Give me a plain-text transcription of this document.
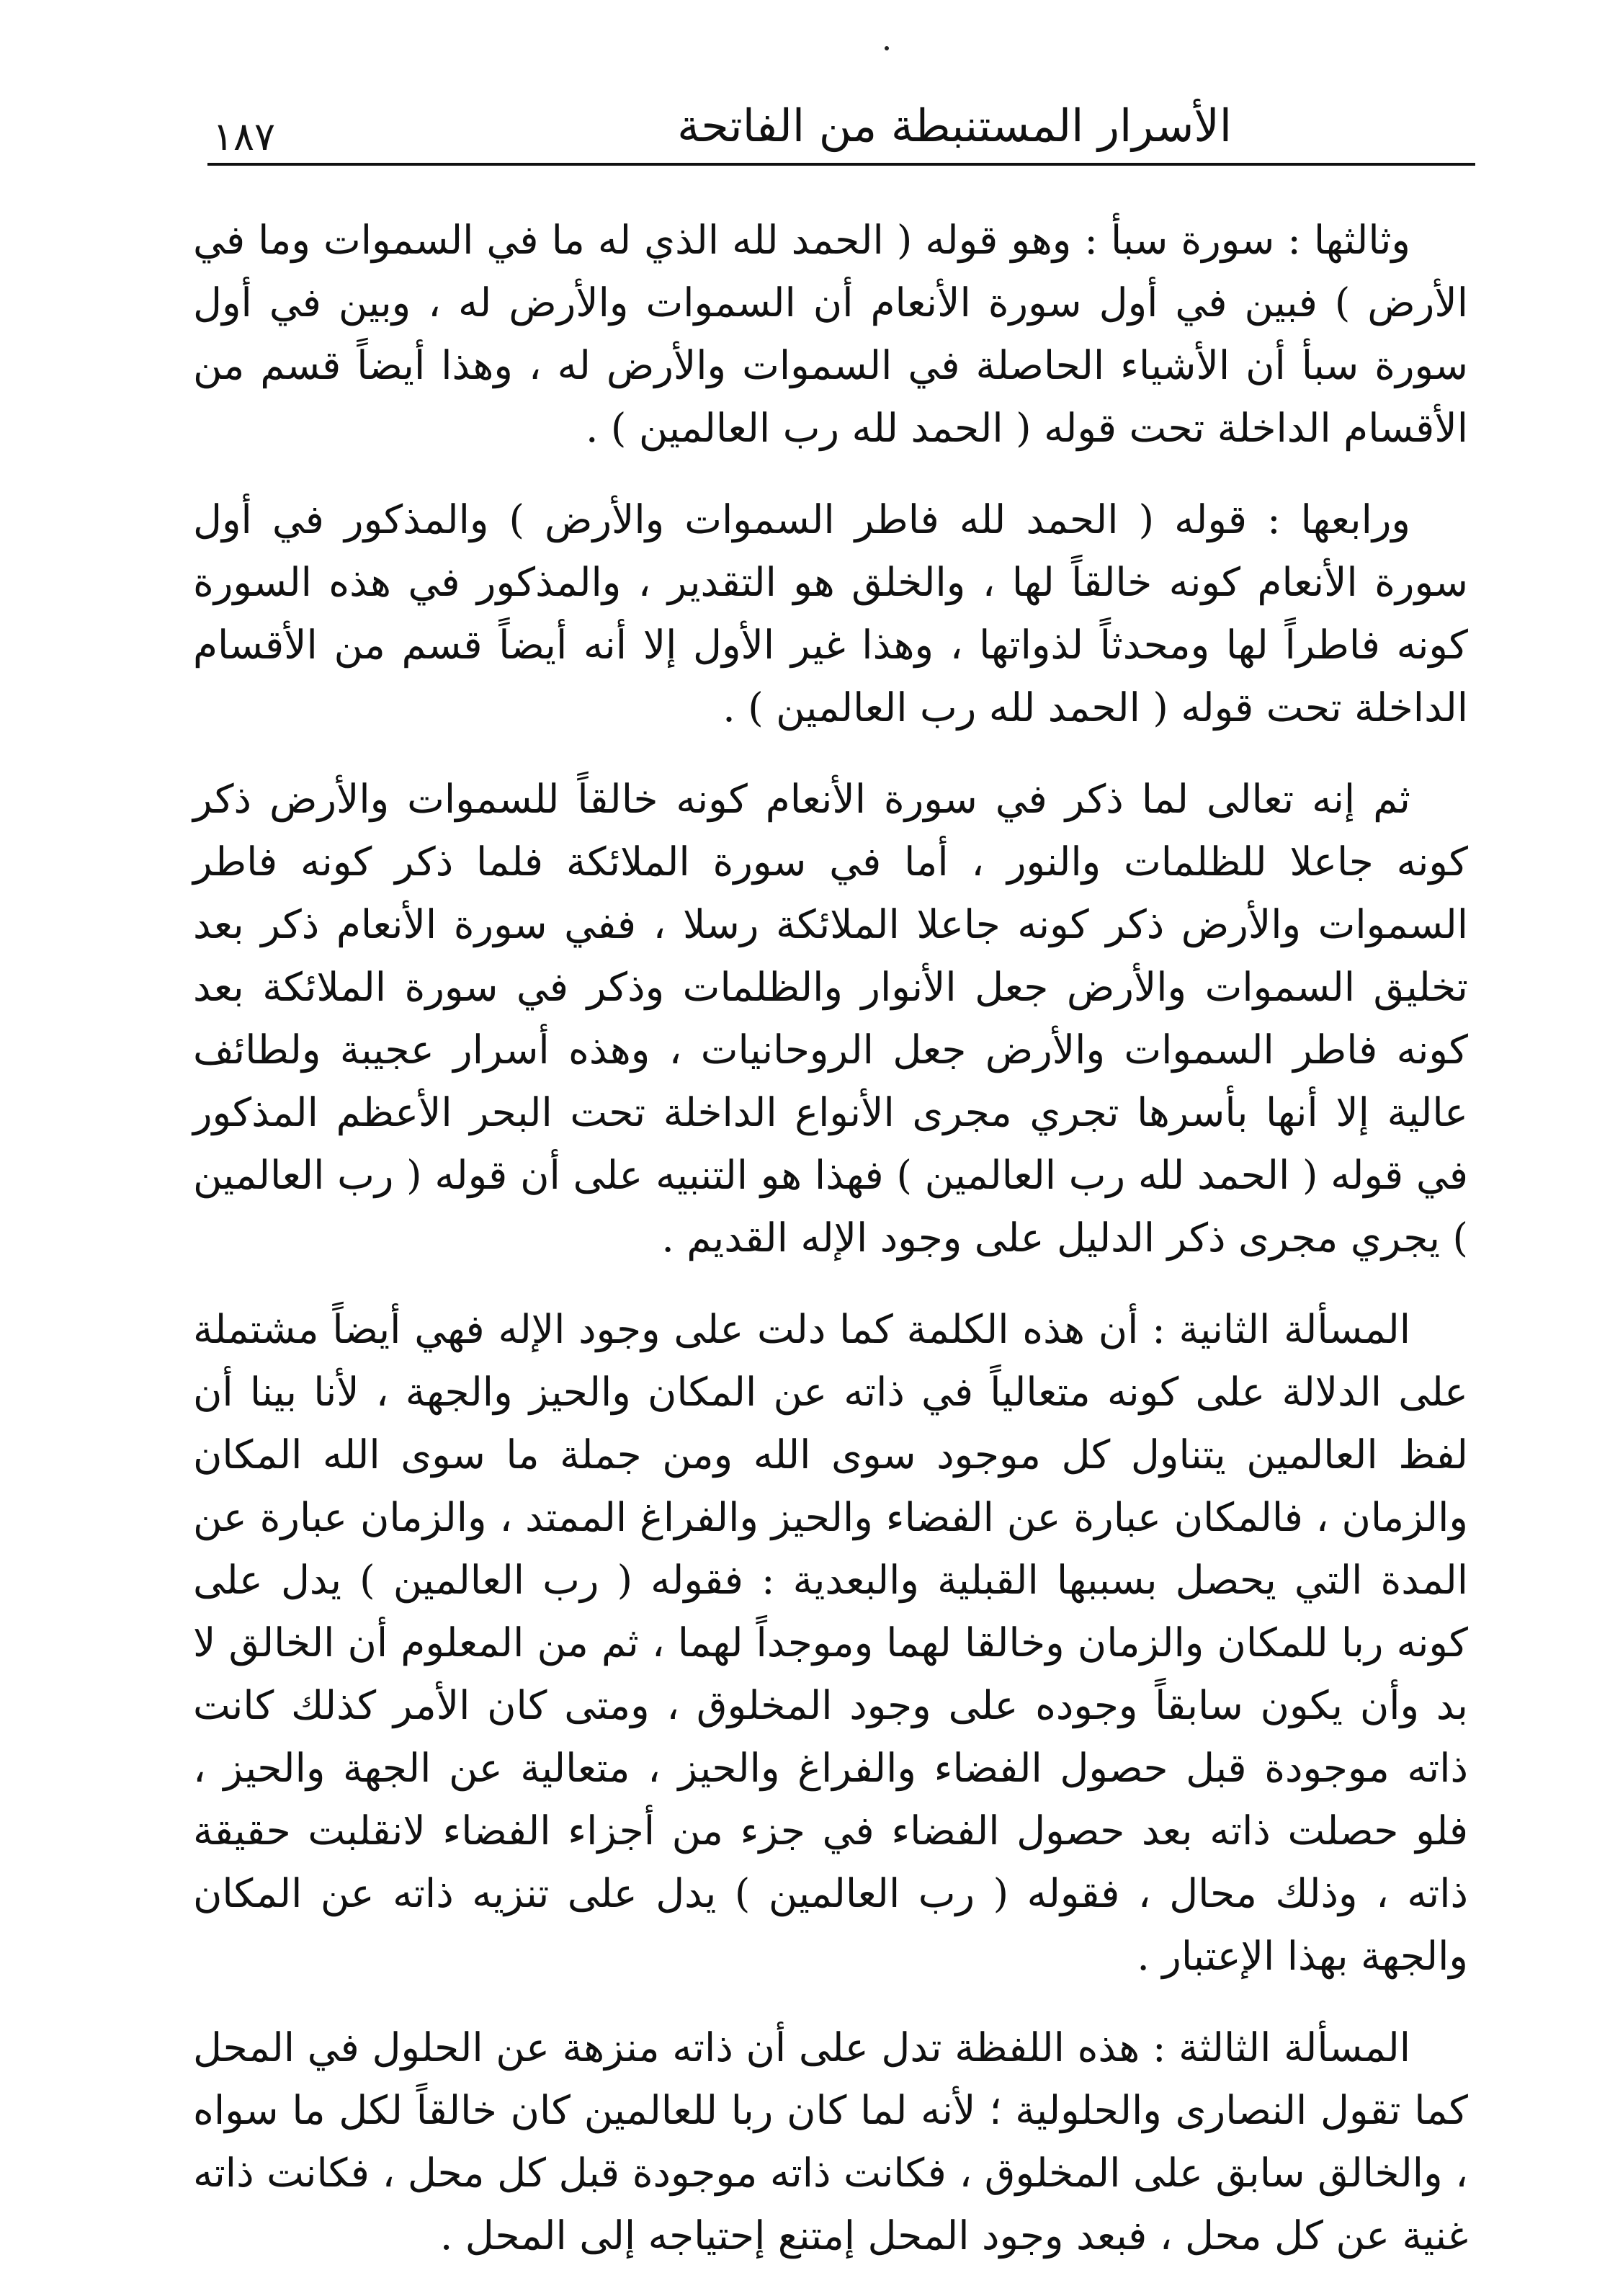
الأسرار المستنبطة من الفاتحة
١٨٧

وثالثها : سورة سبأ : وهو قوله ( الحمد لله الذي له ما في السموات وما في الأرض ) فبين في أول سورة الأنعام أن السموات والأرض له ، وبين في أول سورة سبأ أن الأشياء الحاصلة في السموات والأرض له ، وهذا أيضاً قسم من الأقسام الداخلة تحت قوله ( الحمد لله رب العالمين ) .

ورابعها : قوله ( الحمد لله فاطر السموات والأرض ) والمذكور في أول سورة الأنعام كونه خالقاً لها ، والخلق هو التقدير ، والمذكور في هذه السورة كونه فاطراً لها ومحدثاً لذواتها ، وهذا غير الأول إلا أنه أيضاً قسم من الأقسام الداخلة تحت قوله ( الحمد لله رب العالمين ) .

ثم إنه تعالى لما ذكر في سورة الأنعام كونه خالقاً للسموات والأرض ذكر كونه جاعلا للظلمات والنور ، أما في سورة الملائكة فلما ذكر كونه فاطر السموات والأرض ذكر كونه جاعلا الملائكة رسلا ، ففي سورة الأنعام ذكر بعد تخليق السموات والأرض جعل الأنوار والظلمات وذكر في سورة الملائكة بعد كونه فاطر السموات والأرض جعل الروحانيات ، وهذه أسرار عجيبة ولطائف عالية إلا أنها بأسرها تجري مجرى الأنواع الداخلة تحت البحر الأعظم المذكور في قوله ( الحمد لله رب العالمين ) فهذا هو التنبيه على أن قوله ( رب العالمين ) يجري مجرى ذكر الدليل على وجود الإله القديم .

المسألة الثانية : أن هذه الكلمة كما دلت على وجود الإله فهي أيضاً مشتملة على الدلالة على كونه متعالياً في ذاته عن المكان والحيز والجهة ، لأنا بينا أن لفظ العالمين يتناول كل موجود سوى الله ومن جملة ما سوى الله المكان والزمان ، فالمكان عبارة عن الفضاء والحيز والفراغ الممتد ، والزمان عبارة عن المدة التي يحصل بسببها القبلية والبعدية : فقوله ( رب العالمين ) يدل على كونه ربا للمكان والزمان وخالقا لهما وموجداً لهما ، ثم من المعلوم أن الخالق لا بد وأن يكون سابقاً وجوده على وجود المخلوق ، ومتى كان الأمر كذلك كانت ذاته موجودة قبل حصول الفضاء والفراغ والحيز ، متعالية عن الجهة والحيز ، فلو حصلت ذاته بعد حصول الفضاء في جزء من أجزاء الفضاء لانقلبت حقيقة ذاته ، وذلك محال ، فقوله ( رب العالمين ) يدل على تنزيه ذاته عن المكان والجهة بهذا الإعتبار .

المسألة الثالثة : هذه اللفظة تدل على أن ذاته منزهة عن الحلول في المحل كما تقول النصارى والحلولية ؛ لأنه لما كان ربا للعالمين كان خالقاً لكل ما سواه ، والخالق سابق على المخلوق ، فكانت ذاته موجودة قبل كل محل ، فكانت ذاته غنية عن كل محل ، فبعد وجود المحل إمتنع إحتياجه إلى المحل .
